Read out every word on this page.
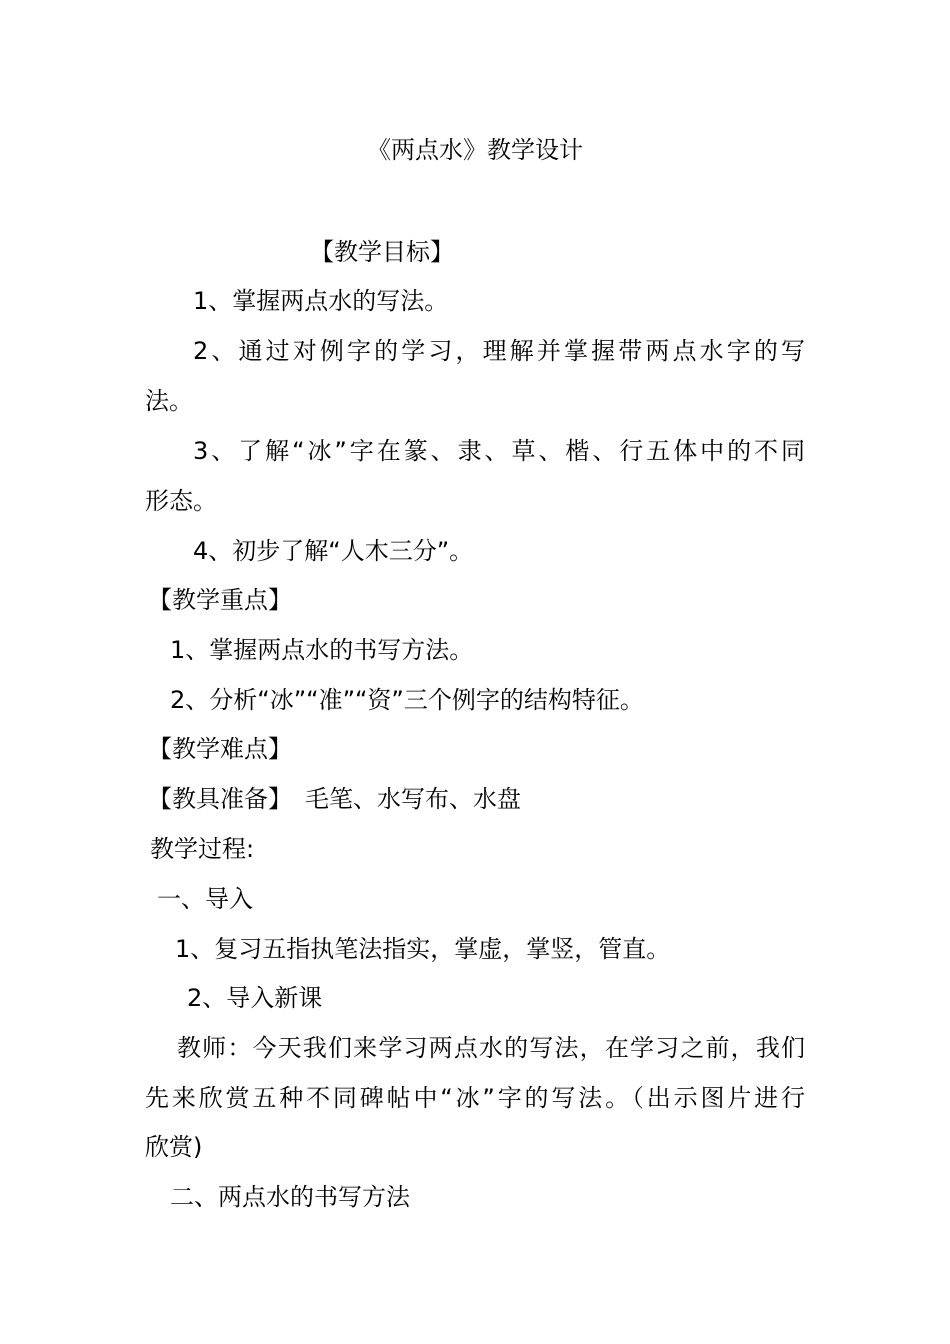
《两点水》教学设计
【教学目标】
1、掌握两点水的写法。
2、通过对例字的学习，理解并掌握带两点水字的写
法。
3、了解“冰”字在篆、隶、草、楷、行五体中的不同
形态。
4、初步了解“人木三分”。
【教学重点】
1、掌握两点水的书写方法。
2、分析“冰”“准”“资”三个例字的结构特征。
【教学难点】
【教具准备】 毛笔、水写布、水盘
教学过程:
一、导入
1、复习五指执笔法指实，掌虚，掌竖，管直。
2、导入新课
教师：今天我们来学习两点水的写法，在学习之前，我们
先来欣赏五种不同碑帖中“冰”字的写法。（出示图片进行
欣赏)
二、两点水的书写方法
